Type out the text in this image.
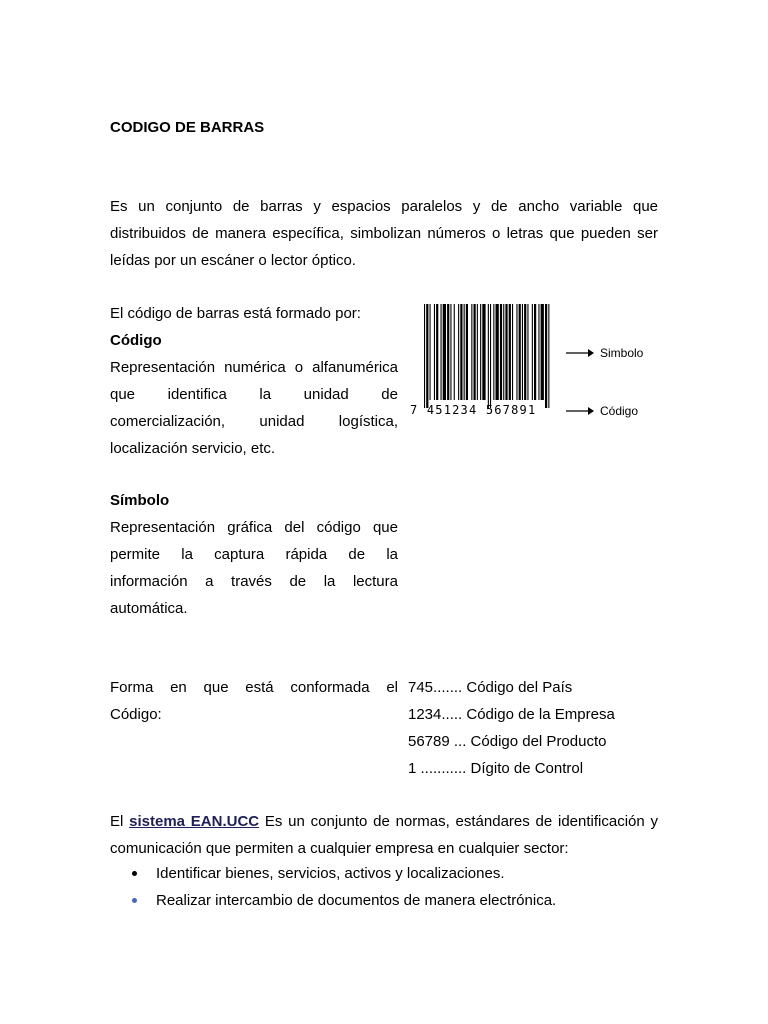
CODIGO DE BARRAS
Es un conjunto de barras y espacios paralelos y de ancho variable que distribuidos de manera específica, simbolizan números o letras que pueden ser leídas por un escáner o lector óptico.
El código de barras está formado por:
Código
Representación numérica o alfanumérica
que identifica la unidad de
comercialización, unidad logística,
localización servicio, etc.
Símbolo
Representación gráfica del código que
permite la captura rápida de la
información a través de la lectura
automática.
7 451234 567891
Simbolo
Código
Forma en que está conformada el
Código:
745....... Código del País
1234..... Código de la Empresa
56789 ... Código del Producto
1 ........... Dígito de Control
El sistema EAN.UCC Es un conjunto de normas, estándares de identificación y
comunicación que permiten a cualquier empresa en cualquier sector:
Identificar bienes, servicios, activos y localizaciones.
Realizar intercambio de documentos de manera electrónica.
